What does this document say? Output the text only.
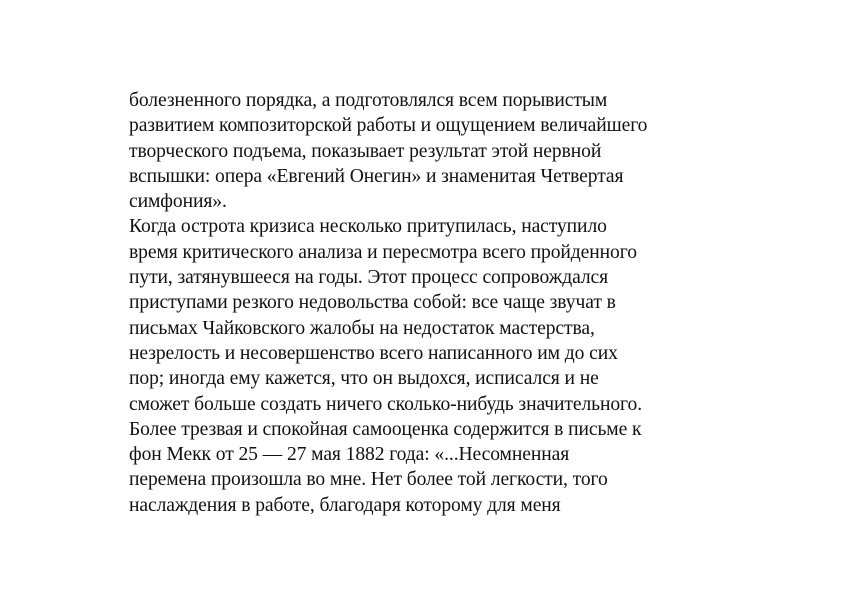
болезненного порядка, а подготовлялся всем порывистым
развитием композиторской работы и ощущением величайшего
творческого подъема, показывает результат этой нервной
вспышки: опера «Евгений Онегин» и знаменитая Четвертая
симфония».
Когда острота кризиса несколько притупилась, наступило
время критического анализа и пересмотра всего пройденного
пути, затянувшееся на годы. Этот процесс сопровождался
приступами резкого недовольства собой: все чаще звучат в
письмах Чайковского жалобы на недостаток мастерства,
незрелость и несовершенство всего написанного им до сих
пор; иногда ему кажется, что он выдохся, исписался и не
сможет больше создать ничего сколько-нибудь значительного.
Более трезвая и спокойная самооценка содержится в письме к
фон Мекк от 25 — 27 мая 1882 года: «...Несомненная
перемена произошла во мне. Нет более той легкости, того
наслаждения в работе, благодаря которому для меня
